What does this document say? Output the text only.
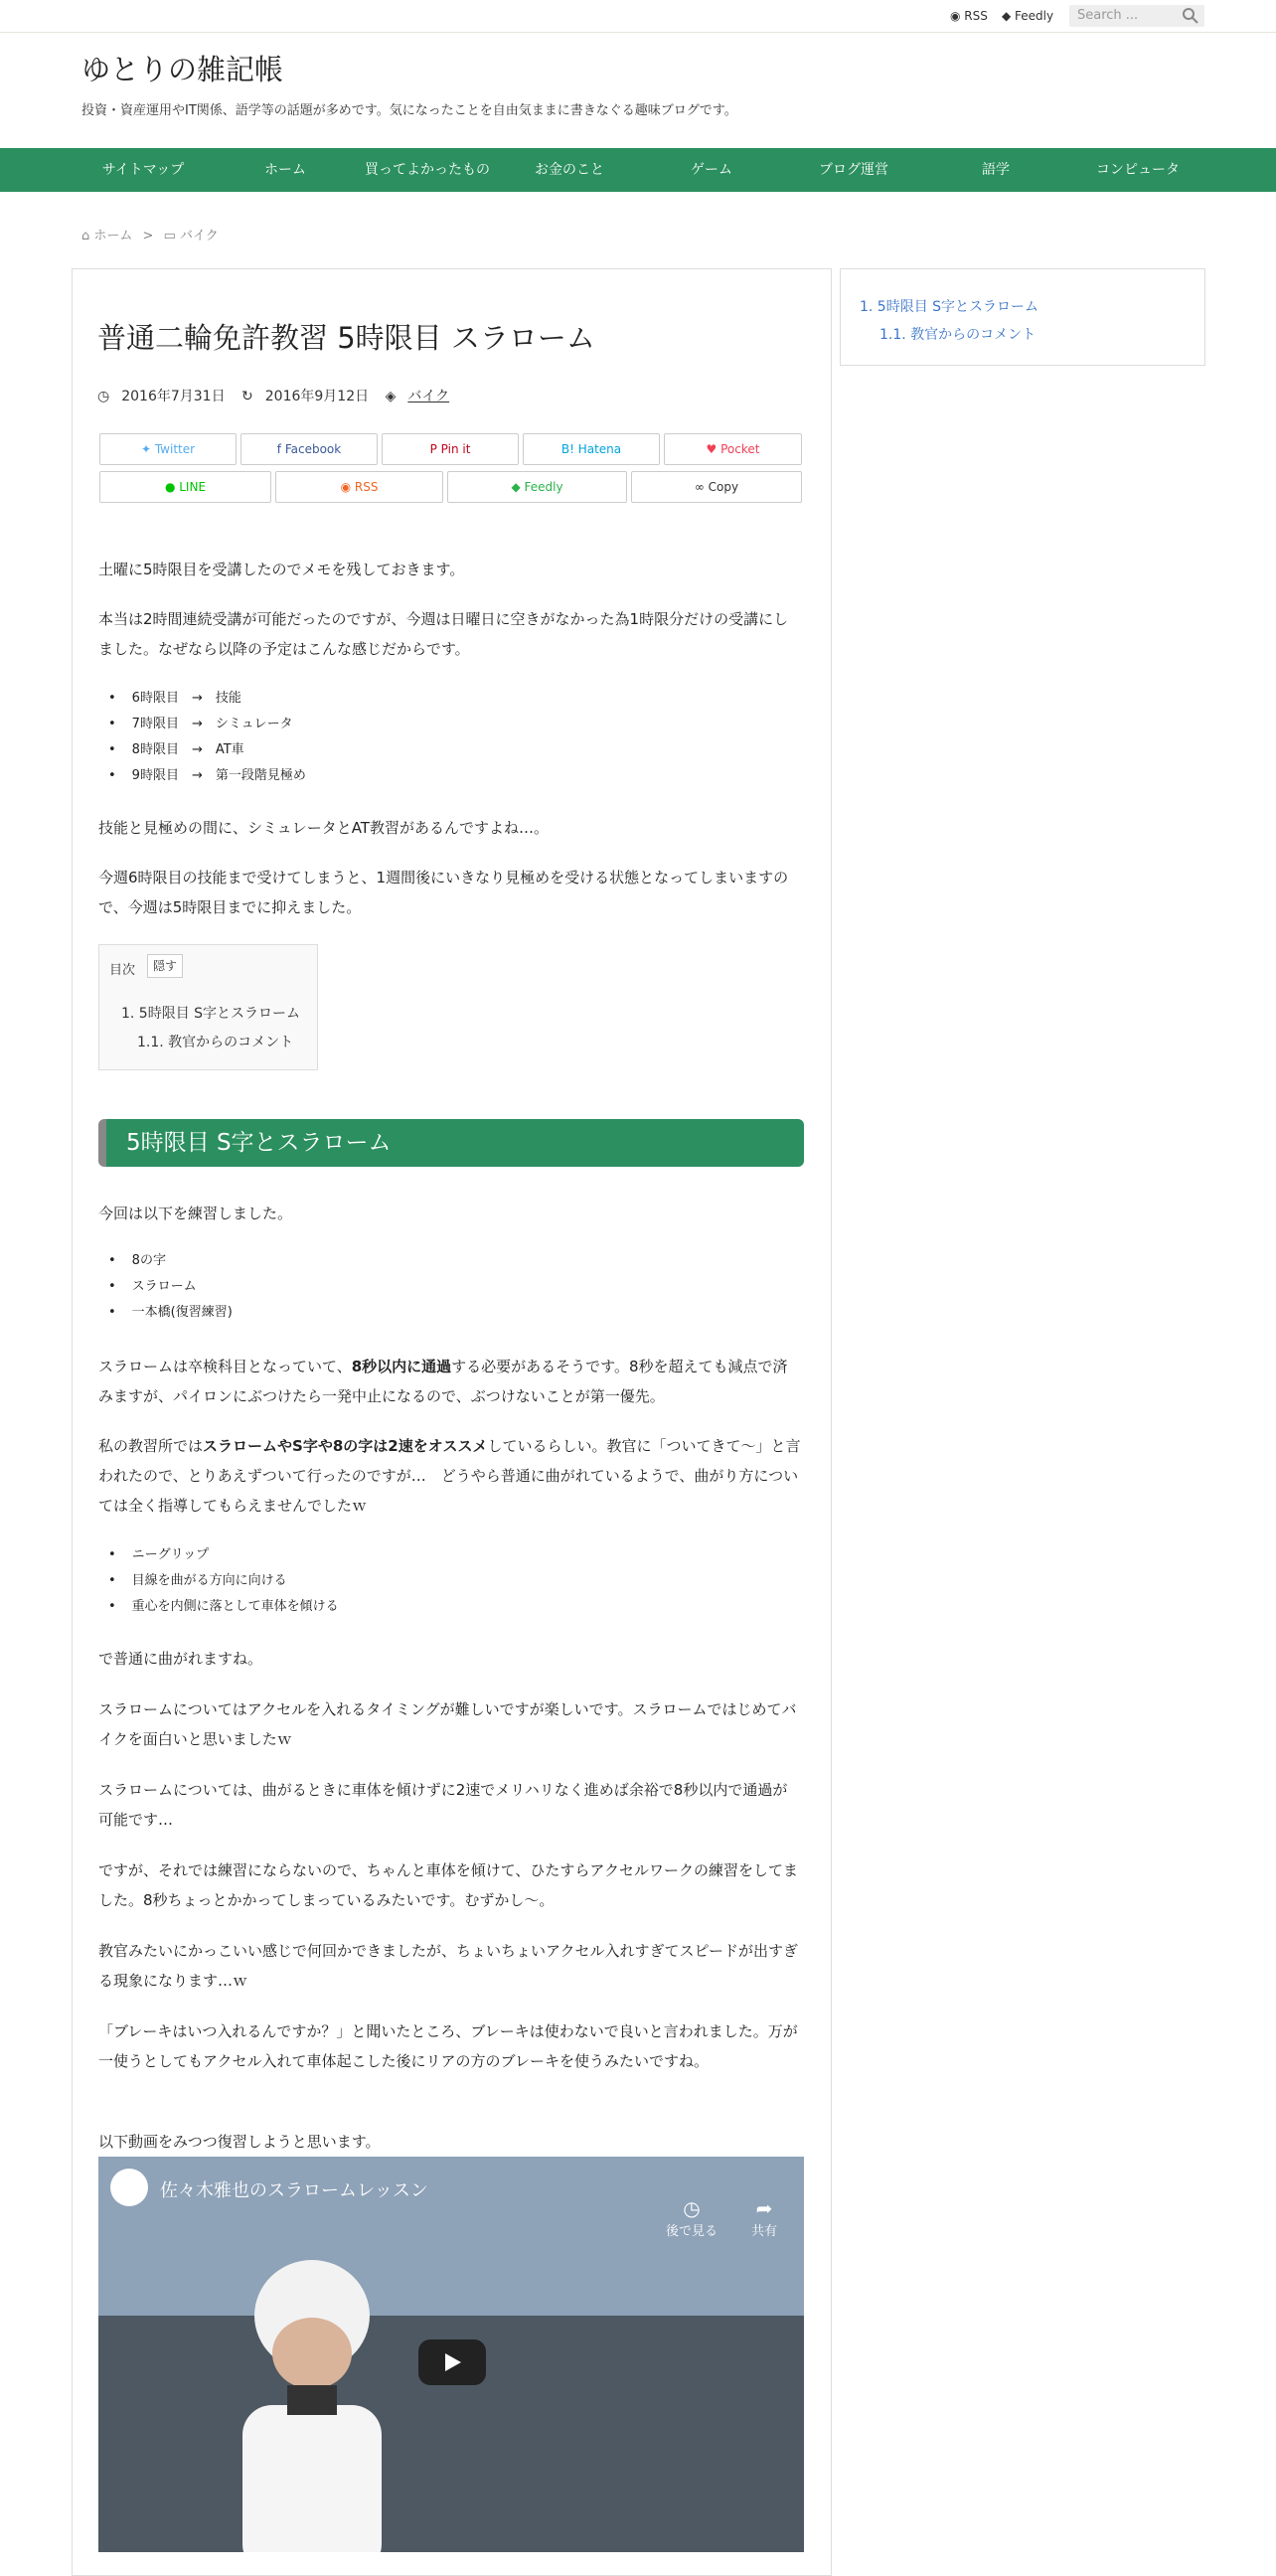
◉ RSS ◆ Feedly	Search ...
ゆとりの雑記帳
投資・資産運用やIT関係、語学等の話題が多めです。気になったことを自由気ままに書きなぐる趣味ブログです。
サイトマップ	ホーム	買ってよかったもの	お金のこと	ゲーム	ブログ運営	語学	コンピュータ
⌂ ホーム > ▭ バイク
1. 5時限目 S字とスラローム
1.1. 教官からのコメント
普通二輪免許教習 5時限目 スラローム
◷ 2016年7月31日 ↻ 2016年9月12日 ◈ バイク
✦ Twitter	f Facebook	P Pin it	B! Hatena	♥ Pocket
● LINE	◉ RSS	◆ Feedly	∞ Copy
土曜に5時限目を受講したのでメモを残しておきます。
本当は2時間連続受講が可能だったのですが、今週は日曜日に空きがなかった為1時限分だけの受講にしました。なぜなら以降の予定はこんな感じだからです。
• 6時限目　→　技能
• 7時限目　→　シミュレータ
• 8時限目　→　AT車
• 9時限目　→　第一段階見極め
技能と見極めの間に、シミュレータとAT教習があるんですよね…。
今週6時限目の技能まで受けてしまうと、1週間後にいきなり見極めを受ける状態となってしまいますので、今週は5時限目までに抑えました。
目次	隠す
1. 5時限目 S字とスラローム
1.1. 教官からのコメント
5時限目 S字とスラローム
今回は以下を練習しました。
• 8の字
• スラローム
• 一本橋(復習練習)
スラロームは卒検科目となっていて、8秒以内に通過する必要があるそうです。8秒を超えても減点で済みますが、パイロンにぶつけたら一発中止になるので、ぶつけないことが第一優先。
私の教習所ではスラロームやS字や8の字は2速をオススメしているらしい。教官に「ついてきて〜」と言われたので、とりあえずついて行ったのですが…　どうやら普通に曲がれているようで、曲がり方については全く指導してもらえませんでしたｗ
• ニーグリップ
• 目線を曲がる方向に向ける
• 重心を内側に落として車体を傾ける
で普通に曲がれますね。
スラロームについてはアクセルを入れるタイミングが難しいですが楽しいです。スラロームではじめてバイクを面白いと思いましたｗ
スラロームについては、曲がるときに車体を傾けずに2速でメリハリなく進めば余裕で8秒以内で通過が可能です…
ですが、それでは練習にならないので、ちゃんと車体を傾けて、ひたすらアクセルワークの練習をしてました。8秒ちょっとかかってしまっているみたいです。むずかし〜。
教官みたいにかっこいい感じで何回かできましたが、ちょいちょいアクセル入れすぎてスピードが出すぎる現象になります…ｗ
「ブレーキはいつ入れるんですか？」と聞いたところ、ブレーキは使わないで良いと言われました。万が一使うとしてもアクセル入れて車体起こした後にリアの方のブレーキを使うみたいですね。
以下動画をみつつ復習しようと思います。
佐々木雅也のスラロームレッスン
◷
後で見る
➦
共有
